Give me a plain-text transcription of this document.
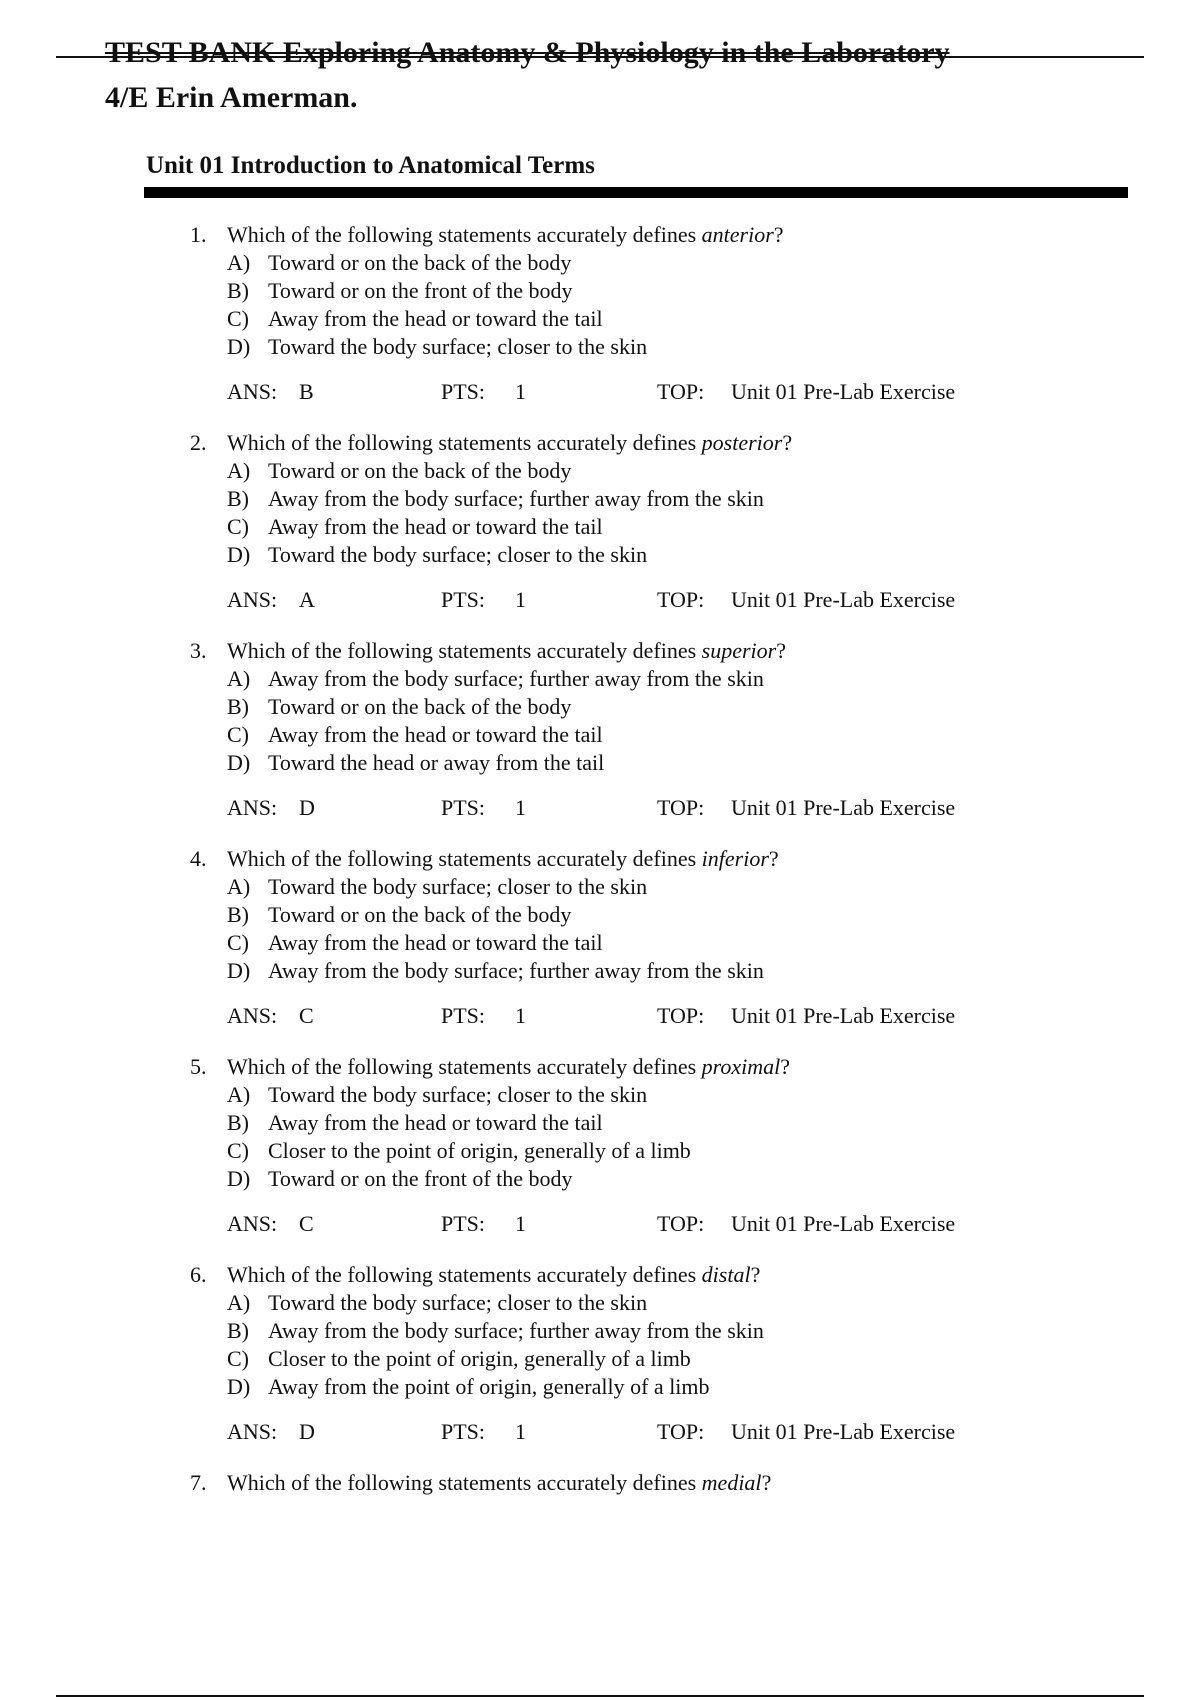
TEST BANK Exploring Anatomy & Physiology in the Laboratory
4/E Erin Amerman.
Unit 01 Introduction to Anatomical Terms
1. Which of the following statements accurately defines anterior?
A) Toward or on the back of the body
B) Toward or on the front of the body
C) Away from the head or toward the tail
D) Toward the body surface; closer to the skin
ANS: B	PTS: 1	TOP: Unit 01 Pre-Lab Exercise
2. Which of the following statements accurately defines posterior?
A) Toward or on the back of the body
B) Away from the body surface; further away from the skin
C) Away from the head or toward the tail
D) Toward the body surface; closer to the skin
ANS: A	PTS: 1	TOP: Unit 01 Pre-Lab Exercise
3. Which of the following statements accurately defines superior?
A) Away from the body surface; further away from the skin
B) Toward or on the back of the body
C) Away from the head or toward the tail
D) Toward the head or away from the tail
ANS: D	PTS: 1	TOP: Unit 01 Pre-Lab Exercise
4. Which of the following statements accurately defines inferior?
A) Toward the body surface; closer to the skin
B) Toward or on the back of the body
C) Away from the head or toward the tail
D) Away from the body surface; further away from the skin
ANS: C	PTS: 1	TOP: Unit 01 Pre-Lab Exercise
5. Which of the following statements accurately defines proximal?
A) Toward the body surface; closer to the skin
B) Away from the head or toward the tail
C) Closer to the point of origin, generally of a limb
D) Toward or on the front of the body
ANS: C	PTS: 1	TOP: Unit 01 Pre-Lab Exercise
6. Which of the following statements accurately defines distal?
A) Toward the body surface; closer to the skin
B) Away from the body surface; further away from the skin
C) Closer to the point of origin, generally of a limb
D) Away from the point of origin, generally of a limb
ANS: D	PTS: 1	TOP: Unit 01 Pre-Lab Exercise
7. Which of the following statements accurately defines medial?
